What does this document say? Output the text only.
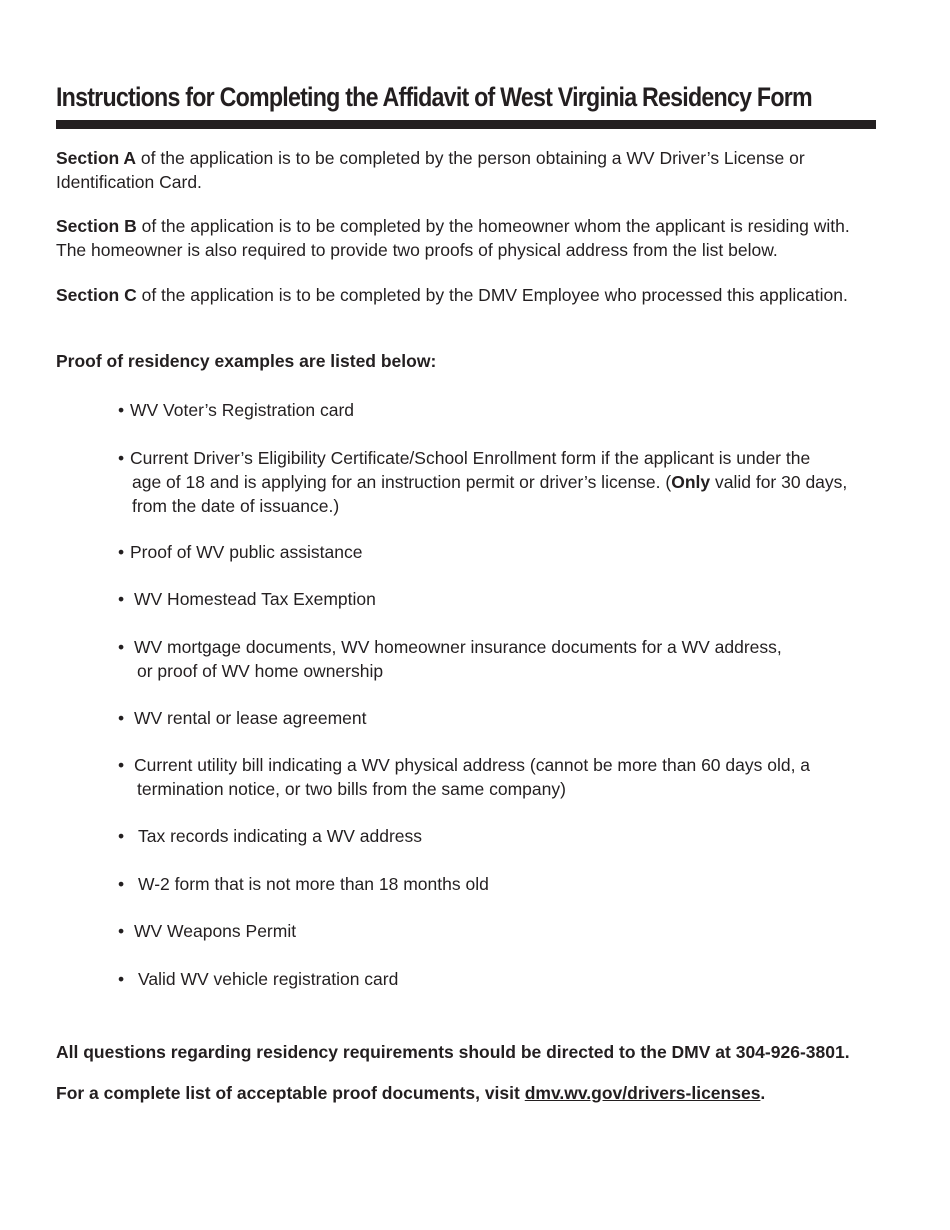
Instructions for Completing the Affidavit of West Virginia Residency Form
Section A of the application is to be completed by the person obtaining a WV Driver’s License or
Identification Card.
Section B of the application is to be completed by the homeowner whom the applicant is residing with.
The homeowner is also required to provide two proofs of physical address from the list below.
Section C of the application is to be completed by the DMV Employee who processed this application.
Proof of residency examples are listed below:
• WV Voter’s Registration card
• Current Driver’s Eligibility Certificate/School Enrollment form if the applicant is under the
age of 18 and is applying for an instruction permit or driver’s license. (Only valid for 30 days,
from the date of issuance.)
• Proof of WV public assistance
• WV Homestead Tax Exemption
• WV mortgage documents, WV homeowner insurance documents for a WV address,
or proof of WV home ownership
• WV rental or lease agreement
• Current utility bill indicating a WV physical address (cannot be more than 60 days old, a
termination notice, or two bills from the same company)
• Tax records indicating a WV address
• W-2 form that is not more than 18 months old
• WV Weapons Permit
• Valid WV vehicle registration card
All questions regarding residency requirements should be directed to the DMV at 304-926-3801.
For a complete list of acceptable proof documents, visit dmv.wv.gov/drivers-licenses.
